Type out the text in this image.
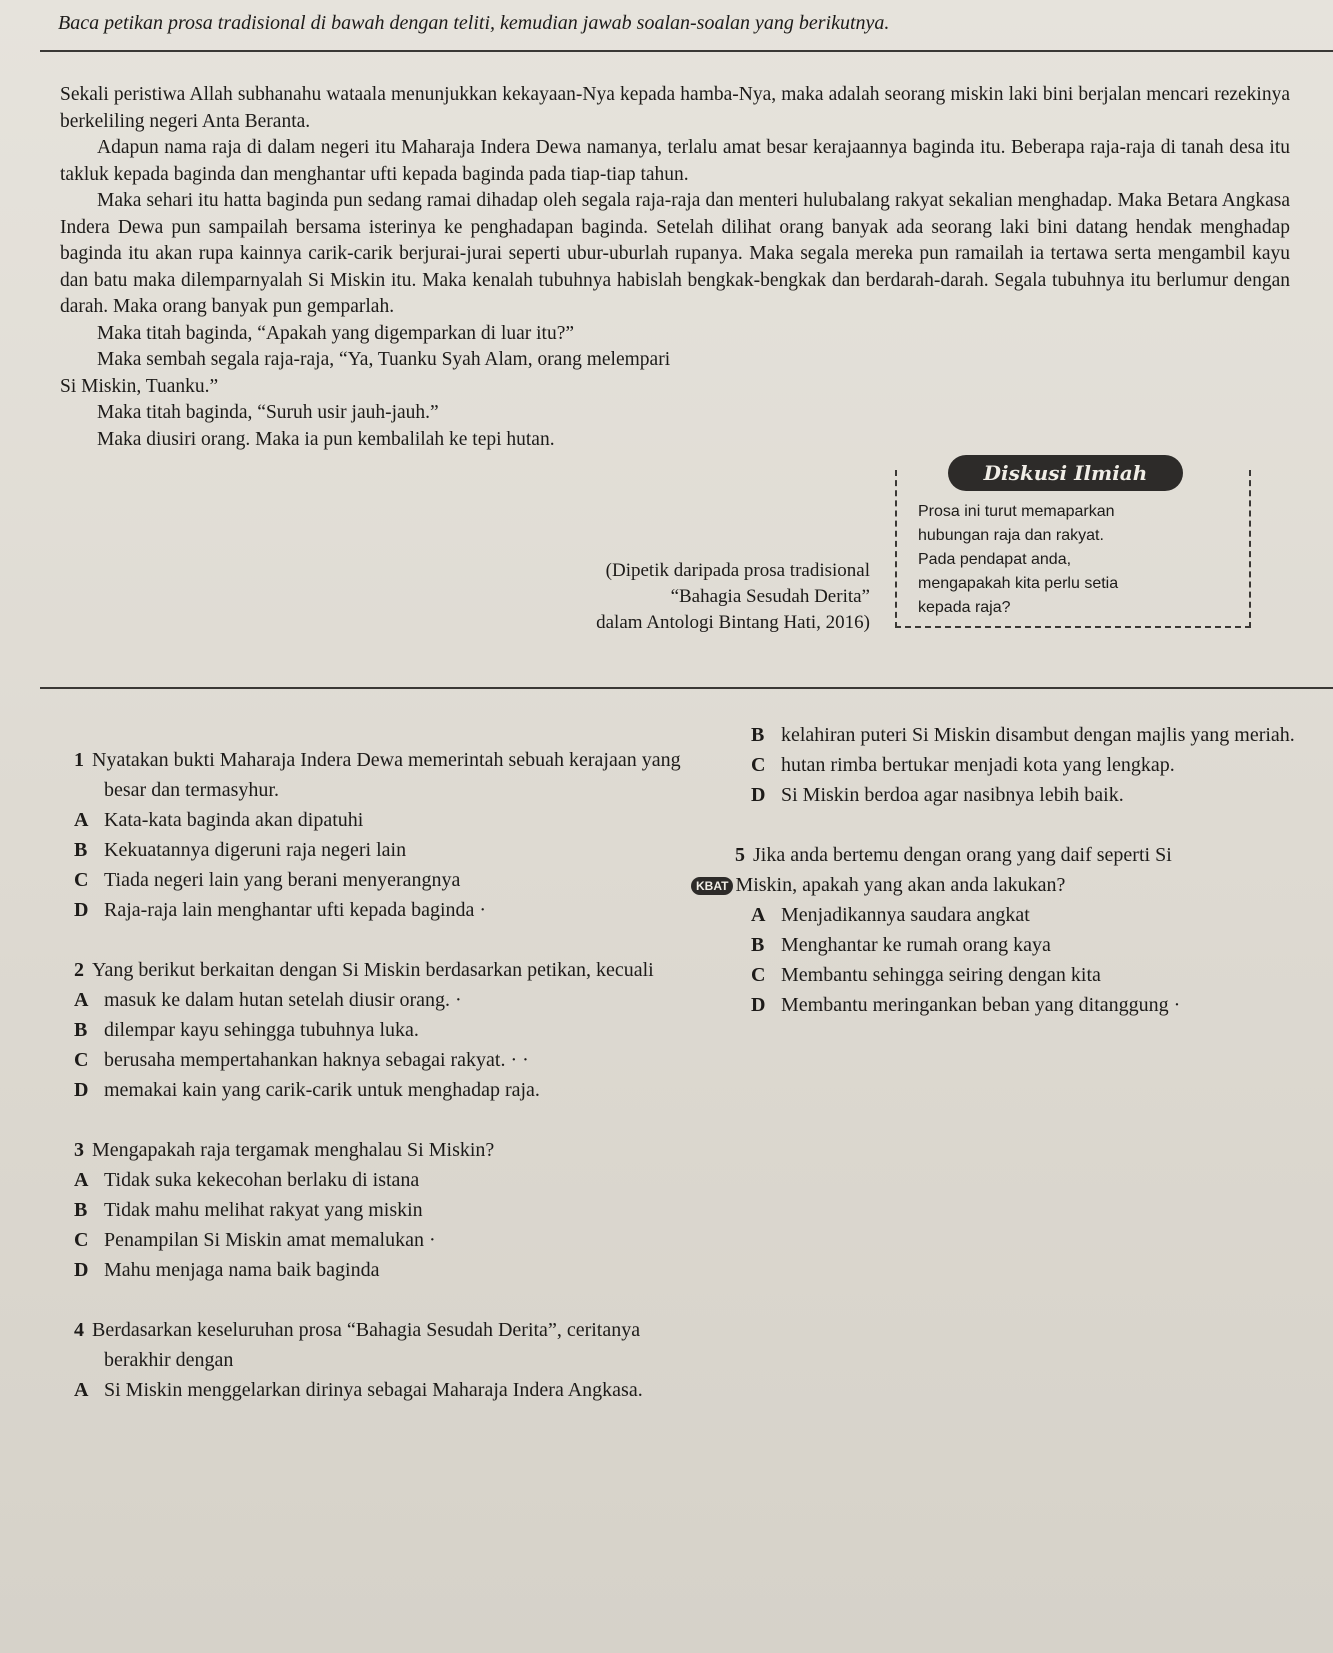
Baca petikan prosa tradisional di bawah dengan teliti, kemudian jawab soalan-soalan yang berikutnya.

Sekali peristiwa Allah subhanahu wataala menunjukkan kekayaan-Nya kepada hamba-Nya, maka adalah seorang miskin laki bini berjalan mencari rezekinya berkeliling negeri Anta Beranta.

Adapun nama raja di dalam negeri itu Maharaja Indera Dewa namanya, terlalu amat besar kerajaannya baginda itu. Beberapa raja-raja di tanah desa itu takluk kepada baginda dan menghantar ufti kepada baginda pada tiap-tiap tahun.

Maka sehari itu hatta baginda pun sedang ramai dihadap oleh segala raja-raja dan menteri hulubalang rakyat sekalian menghadap. Maka Betara Angkasa Indera Dewa pun sampailah bersama isterinya ke penghadapan baginda. Setelah dilihat orang banyak ada seorang laki bini datang hendak menghadap baginda itu akan rupa kainnya carik-carik berjurai-jurai seperti ubur-uburlah rupanya. Maka segala mereka pun ramailah ia tertawa serta mengambil kayu dan batu maka dilemparnyalah Si Miskin itu. Maka kenalah tubuhnya habislah bengkak-bengkak dan berdarah-darah. Segala tubuhnya itu berlumur dengan darah. Maka orang banyak pun gemparlah.

Maka titah baginda, “Apakah yang digemparkan di luar itu?”

Maka sembah segala raja-raja, “Ya, Tuanku Syah Alam, orang melempari

Si Miskin, Tuanku.”

Maka titah baginda, “Suruh usir jauh-jauh.”

Maka diusiri orang. Maka ia pun kembalilah ke tepi hutan.

(Dipetik daripada prosa tradisional

“Bahagia Sesudah Derita”

dalam Antologi Bintang Hati, 2016)

Diskusi Ilmiah

Prosa ini turut memaparkan

hubungan raja dan rakyat.

Pada pendapat anda,

mengapakah kita perlu setia

kepada raja?

1 Nyatakan bukti Maharaja Indera Dewa memerintah sebuah kerajaan yang besar dan termasyhur.
A Kata-kata baginda akan dipatuhi
B Kekuatannya digeruni raja negeri lain
C Tiada negeri lain yang berani menyerangnya
D Raja-raja lain menghantar ufti kepada baginda ·
2 Yang berikut berkaitan dengan Si Miskin berdasarkan petikan, kecuali
A masuk ke dalam hutan setelah diusir orang. ·
B dilempar kayu sehingga tubuhnya luka.
C berusaha mempertahankan haknya sebagai rakyat. · ·
D memakai kain yang carik-carik untuk menghadap raja.
3 Mengapakah raja tergamak menghalau Si Miskin?
A Tidak suka kekecohan berlaku di istana
B Tidak mahu melihat rakyat yang miskin
C Penampilan Si Miskin amat memalukan ·
D Mahu menjaga nama baik baginda
4 Berdasarkan keseluruhan prosa “Bahagia Sesudah Derita”, ceritanya berakhir dengan
A Si Miskin menggelarkan dirinya sebagai Maharaja Indera Angkasa.
B kelahiran puteri Si Miskin disambut dengan majlis yang meriah.
C hutan rimba bertukar menjadi kota yang lengkap.
D Si Miskin berdoa agar nasibnya lebih baik.
5 Jika anda bertemu dengan orang yang daif seperti Si
KBAT Miskin, apakah yang akan anda lakukan?
A Menjadikannya saudara angkat
B Menghantar ke rumah orang kaya
C Membantu sehingga seiring dengan kita
D Membantu meringankan beban yang ditanggung ·
